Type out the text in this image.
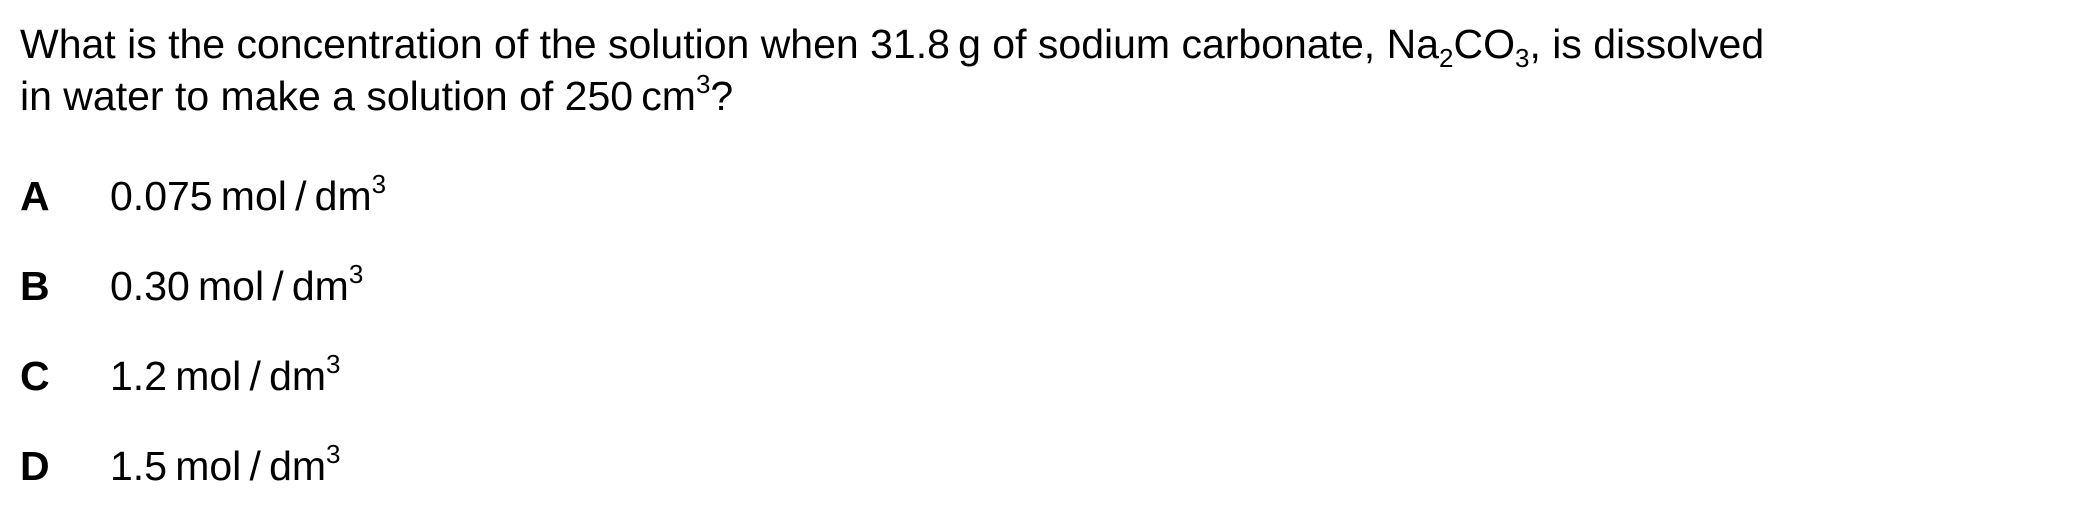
What is the concentration of the solution when 31.8 g of sodium carbonate, $Na_2CO_3$, is dissolved
in water to make a solution of 250 $cm^3$?
A 0.075 mol / $dm^3$
B 0.30 mol / $dm^3$
C 1.2 mol / $dm^3$
D 1.5 mol / $dm^3$
